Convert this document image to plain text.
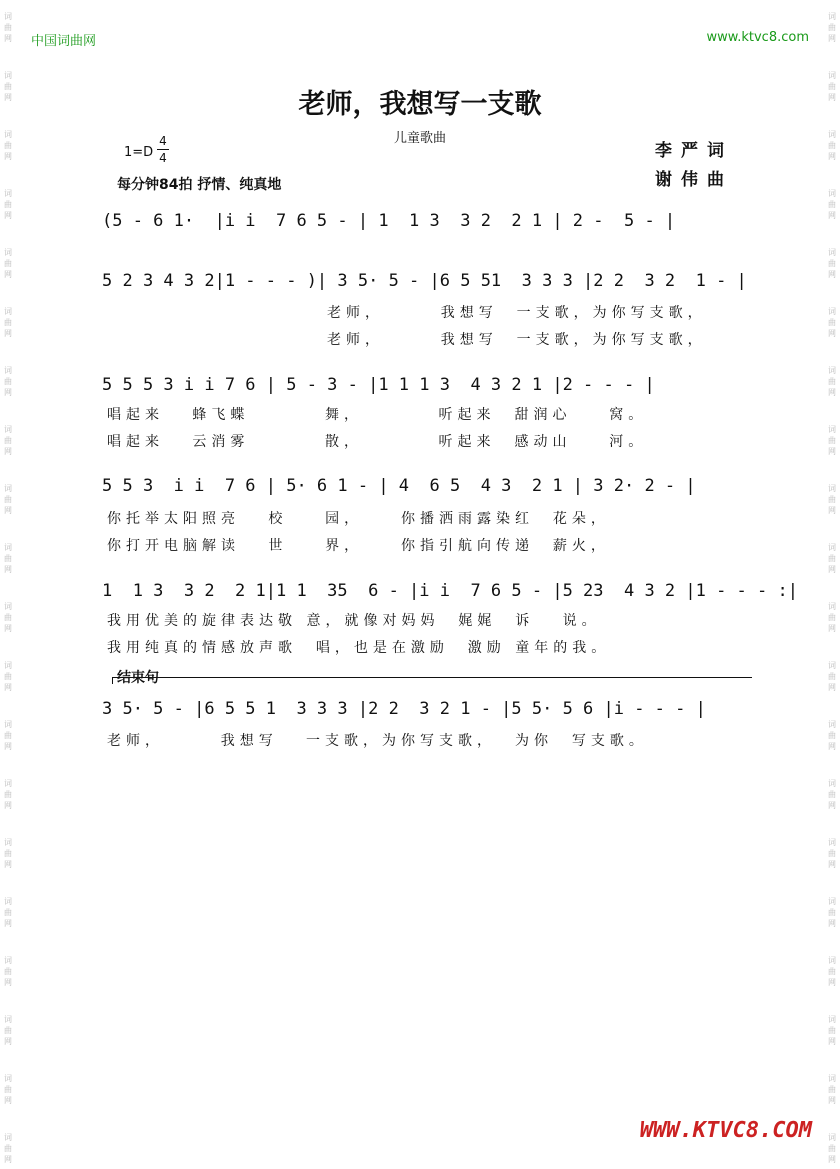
词
曲
网
词
曲
网
词
曲
网
词
曲
网
词
曲
网
词
曲
网
词
曲
网
词
曲
网
词
曲
网
词
曲
网
词
曲
网
词
曲
网
词
曲
网
词
曲
网
词
曲
网
词
曲
网
词
曲
网
词
曲
网
词
曲
网
词
曲
网
词
曲
网
词
曲
网
词
曲
网
词
曲
网
词
曲
网
词
曲
网
词
曲
网
词
曲
网
词
曲
网
词
曲
网
词
曲
网
词
曲
网
词
曲
网
词
曲
网
词
曲
网
词
曲
网
词
曲
网
词
曲
网
词
曲
网
词
曲
网
中国词曲网	www.ktvc8.com
老师，我想写一支歌
儿童歌曲
1=D
4
4
每分钟84拍 抒情、纯真地
李严词
谢伟曲
(5 - 6 1·  |i i  7 6 5 - | 1  1 3  3 2  2 1 | 2 -  5 - |
5 2 3 4 3 2|1 - - - )| 3 5· 5 - |6 5 51  3 3 3 |2 2  3 2  1 - |
老师，      我想写  一支歌，为你写支歌，
老师，      我想写  一支歌，为你写支歌，
5 5 5 3 i i 7 6 | 5 - 3 - |1 1 1 3  4 3 2 1 |2 - - - |
唱起来   蜂飞蝶        舞，        听起来  甜润心    窝。
唱起来   云消雾        散，        听起来  感动山    河。
5 5 3  i i  7 6 | 5· 6 1 - | 4  6 5  4 3  2 1 | 3 2· 2 - |
你托举太阳照亮   校    园，    你播洒雨露染红  花朵，
你打开电脑解读   世    界，    你指引航向传递  薪火，
1  1 3  3 2  2 1|1 1  35  6 - |i i  7 6 5 - |5 23  4 3 2 |1 - - - :|
我用优美的旋律表达敬 意，就像对妈妈  娓娓  诉   说。
我用纯真的情感放声歌  唱，也是在激励  激励 童年的我。
结束句
3 5· 5 - |6 5 5 1  3 3 3 |2 2  3 2 1 - |5 5· 5 6 |i - - - |
老师，      我想写   一支歌，为你写支歌，  为你  写支歌。
WWW.KTVC8.COM
